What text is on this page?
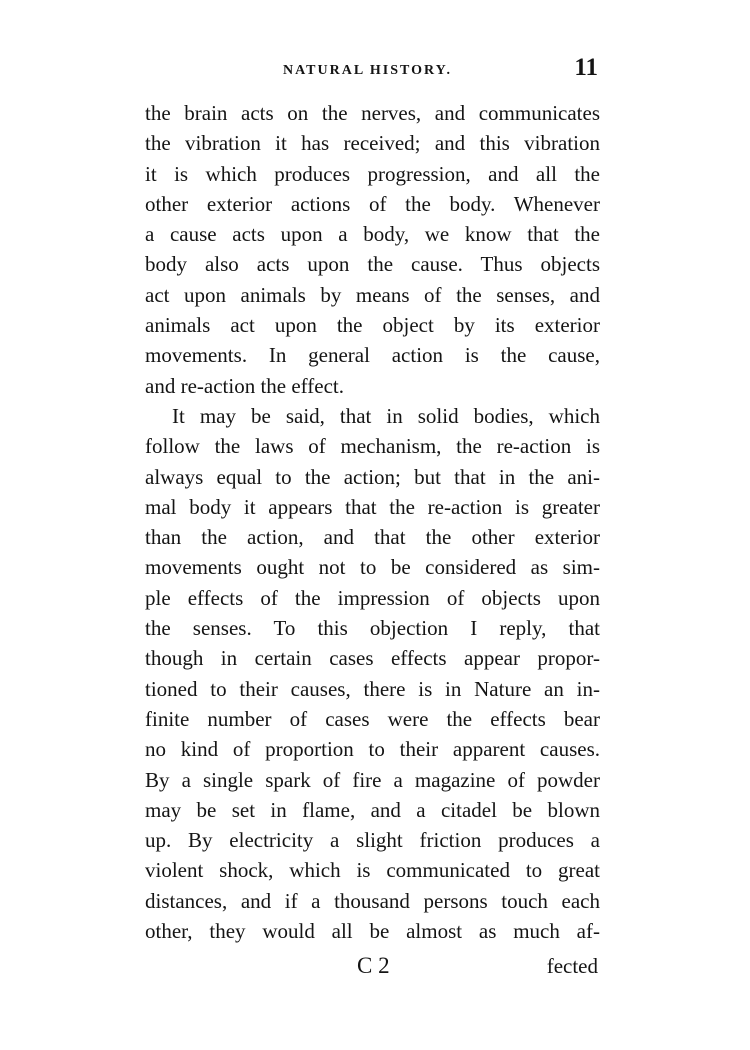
NATURAL HISTORY.	11
the brain acts on the nerves, and communicates
the vibration it has received; and this vibration
it is which produces progression, and all the
other exterior actions of the body. Whenever
a cause acts upon a body, we know that the
body also acts upon the cause. Thus objects
act upon animals by means of the senses, and
animals act upon the object by its exterior
movements. In general action is the cause,
and re-action the effect.
It may be said, that in solid bodies, which
follow the laws of mechanism, the re-action is
always equal to the action; but that in the ani-
mal body it appears that the re-action is greater
than the action, and that the other exterior
movements ought not to be considered as sim-
ple effects of the impression of objects upon
the senses. To this objection I reply, that
though in certain cases effects appear propor-
tioned to their causes, there is in Nature an in-
finite number of cases were the effects bear
no kind of proportion to their apparent causes.
By a single spark of fire a magazine of powder
may be set in flame, and a citadel be blown
up. By electricity a slight friction produces a
violent shock, which is communicated to great
distances, and if a thousand persons touch each
other, they would all be almost as much af-
C 2	fected
